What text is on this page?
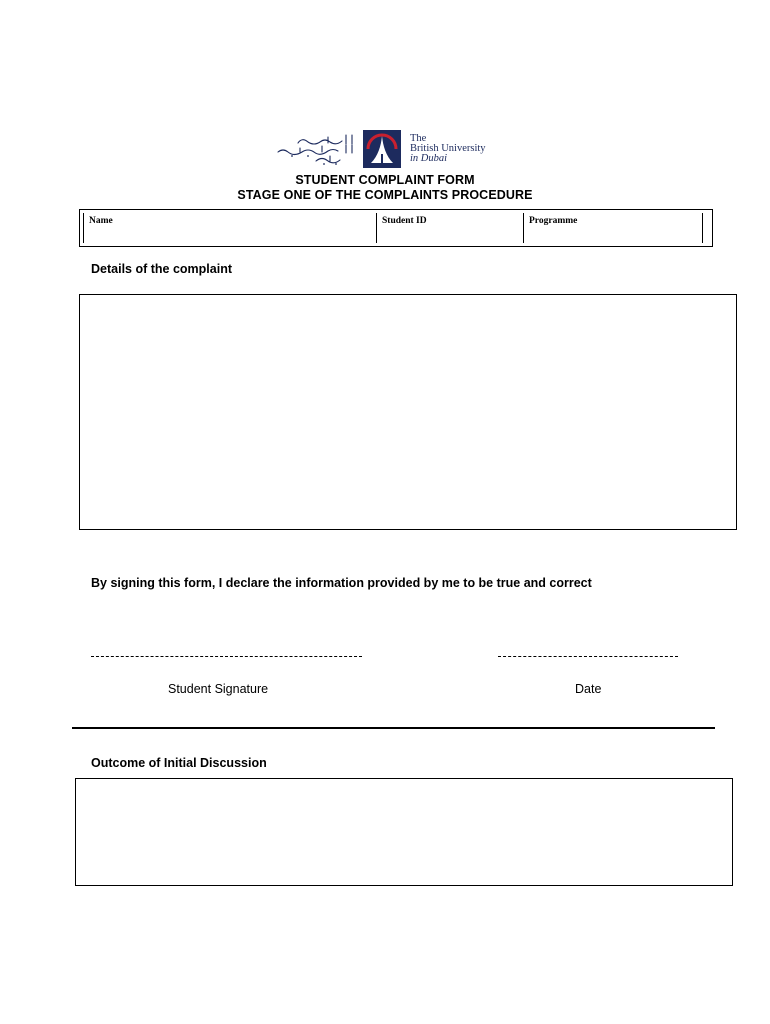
The
British University
in Dubai
STUDENT COMPLAINT FORM
STAGE ONE OF THE COMPLAINTS PROCEDURE
Name	Student ID	Programme
Details of the complaint
By signing this form, I declare the information provided by me to be true and correct
Student Signature	Date
Outcome of Initial Discussion
